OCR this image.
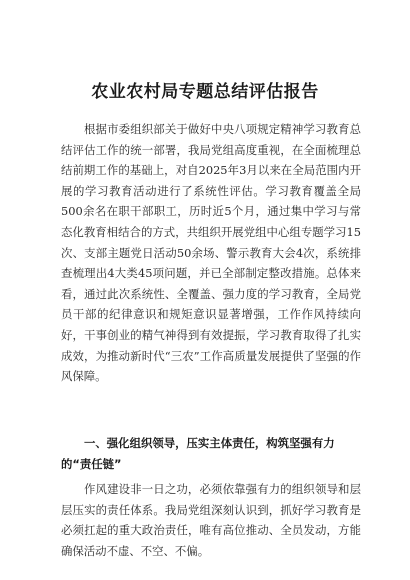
农业农村局专题总结评估报告

根据市委组织部关于做好中央八项规定精神学习教育总结评估工作的统一部署，我局党组高度重视，在全面梳理总结前期工作的基础上，对自2025年3月以来在全局范围内开展的学习教育活动进行了系统性评估。学习教育覆盖全局500余名在职干部职工，历时近5个月，通过集中学习与常态化教育相结合的方式，共组织开展党组中心组专题学习15次、支部主题党日活动50余场、警示教育大会4次，系统排查梳理出4大类45项问题，并已全部制定整改措施。总体来看，通过此次系统性、全覆盖、强力度的学习教育，全局党员干部的纪律意识和规矩意识显著增强，工作作风持续向好，干事创业的精气神得到有效提振，学习教育取得了扎实成效，为推动新时代“三农”工作高质量发展提供了坚强的作风保障。

一、强化组织领导，压实主体责任，构筑坚强有力的“责任链”

作风建设非一日之功，必须依靠强有力的组织领导和层层压实的责任体系。我局党组深刻认识到，抓好学习教育是必须扛起的重大政治责任，唯有高位推动、全员发动，方能确保活动不虚、不空、不偏。
